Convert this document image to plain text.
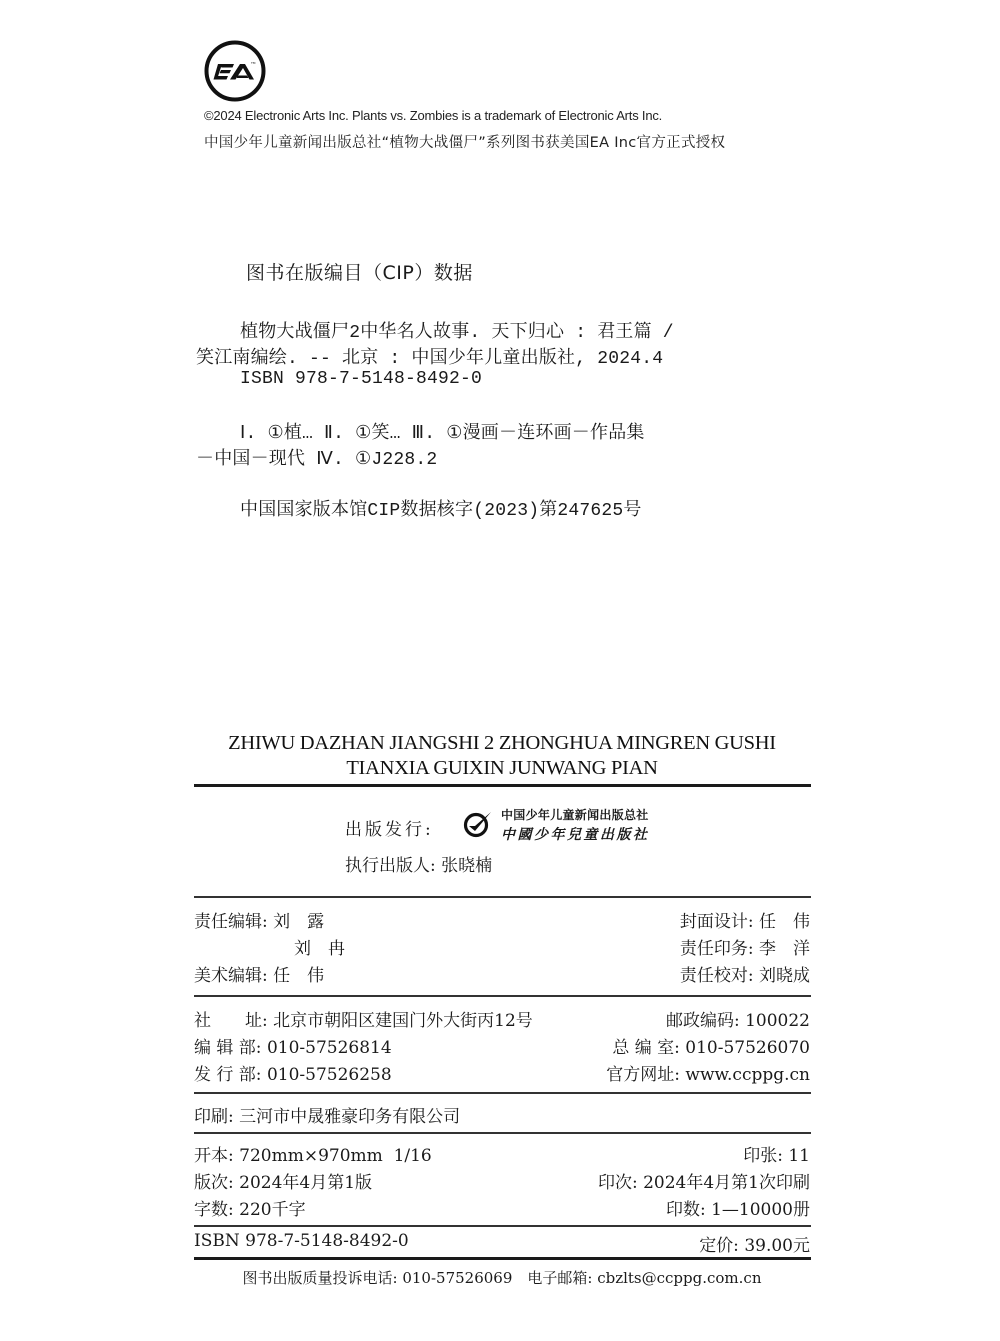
TM
©2024 Electronic Arts Inc. Plants vs. Zombies is a trademark of Electronic Arts Inc.
中国少年儿童新闻出版总社“植物大战僵尸”系列图书获美国EA Inc官方正式授权
图书在版编目（CIP）数据
植物大战僵尸2中华名人故事. 天下归心 : 君王篇 /
笑江南编绘. -- 北京 : 中国少年儿童出版社, 2024.4
ISBN 978-7-5148-8492-0
Ⅰ. ①植… Ⅱ. ①笑… Ⅲ. ①漫画－连环画－作品集
－中国－现代 Ⅳ. ①J228.2
中国国家版本馆CIP数据核字(2023)第247625号
ZHIWU DAZHAN JIANGSHI 2 ZHONGHUA MINGREN GUSHI
TIANXIA GUIXIN JUNWANG PIAN
出版发行:
中国少年儿童新闻出版总社
中國少年兒童出版社
执行出版人: 张晓楠
责任编辑: 刘　露	封面设计: 任　伟
刘　冉	责任印务: 李　洋
美术编辑: 任　伟	责任校对: 刘晓成
社　　址: 北京市朝阳区建国门外大街丙12号	邮政编码: 100022
编 辑 部: 010-57526814	总 编 室: 010-57526070
发 行 部: 010-57526258	官方网址: www.ccppg.cn
印刷: 三河市中晟雅豪印务有限公司
开本: 720mm×970mm  1/16	印张: 11
版次: 2024年4月第1版	印次: 2024年4月第1次印刷
字数: 220千字	印数: 1—10000册
ISBN 978-7-5148-8492-0	定价: 39.00元
图书出版质量投诉电话: 010-57526069　电子邮箱: cbzlts@ccppg.com.cn
